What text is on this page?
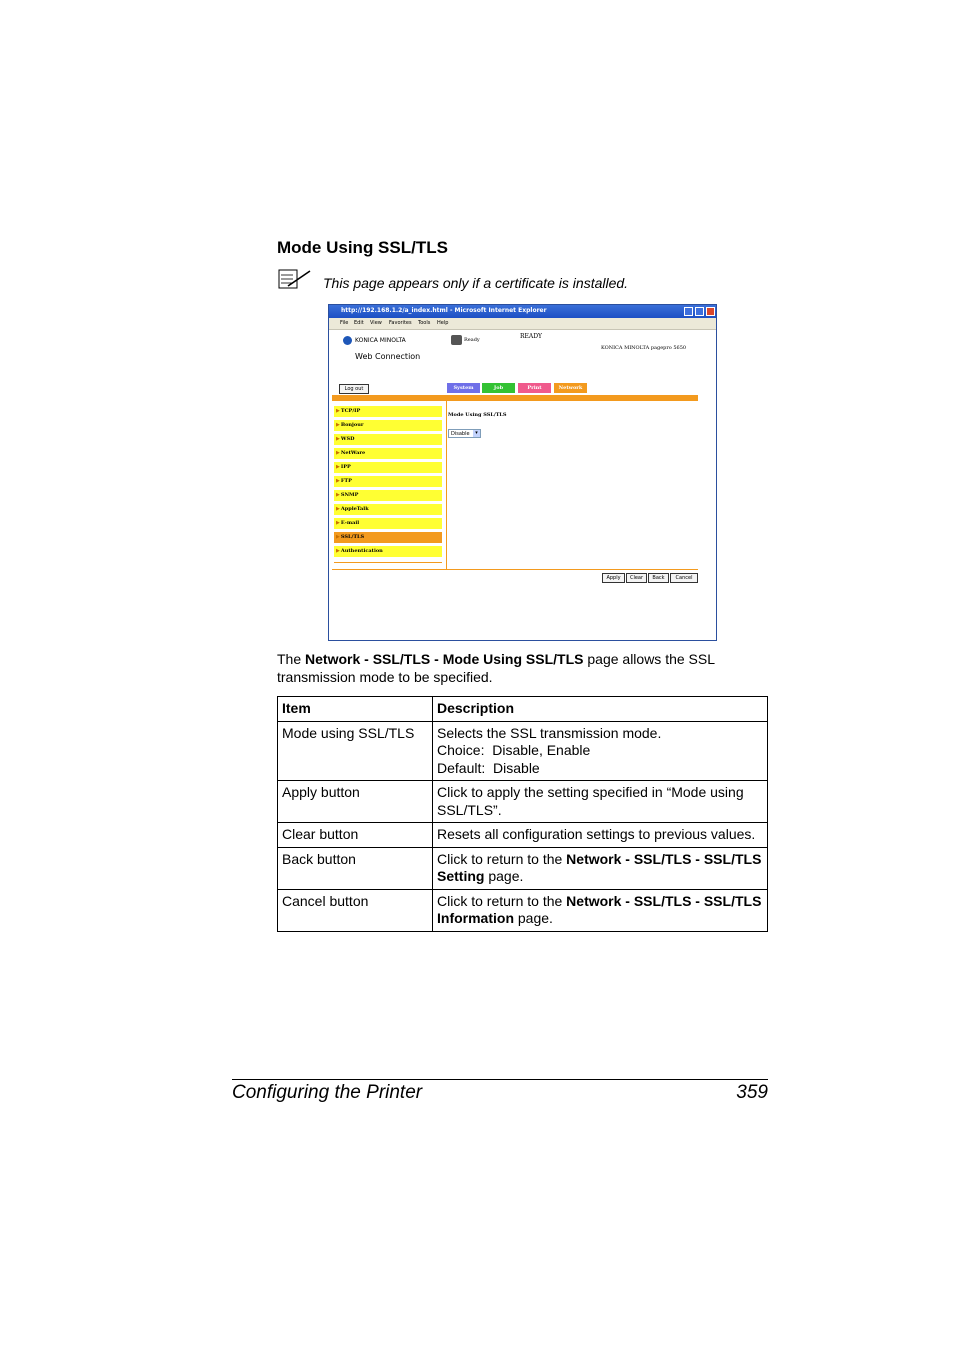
Mode Using SSL/TLS
This page appears only if a certificate is installed.
http://192.168.1.2/a_index.html - Microsoft Internet Explorer
File Edit View Favorites Tools Help
KONICA MINOLTA
Web Connection
Ready	READY
KONICA MINOLTA pagepro 5650
Log out	System	Job	Print	Network
▶TCP/IP
▶Bonjour
▶WSD
▶NetWare
▶IPP
▶FTP
▶SNMP
▶AppleTalk
▶E-mail
▶SSL/TLS
▶Authentication
Mode Using SSL/TLS
Disable	▾
Apply	Clear	Back	Cancel
The Network - SSL/TLS - Mode Using SSL/TLS page allows the SSL transmission mode to be specified.
Item	Description
Mode using SSL/TLS	Selects the SSL transmission mode.
Choice:  Disable, Enable
Default:  Disable

Apply button	Click to apply the setting specified in “Mode using SSL/TLS”.
Clear button	Resets all configuration settings to previous values.
Back button	Click to return to the Network - SSL/TLS - SSL/TLS Setting page.
Cancel button	Click to return to the Network - SSL/TLS - SSL/TLS Information page.
Configuring the Printer	359
